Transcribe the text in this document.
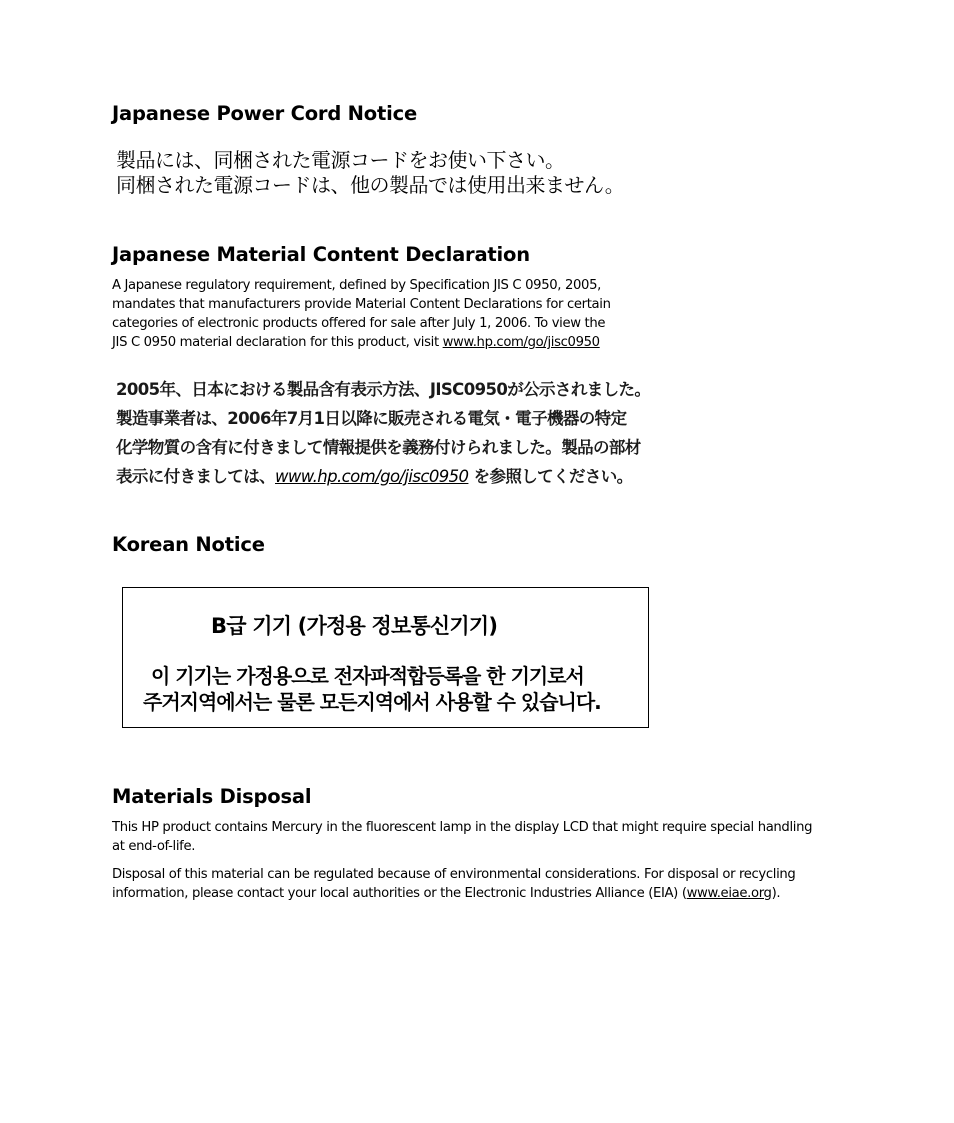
Japanese Power Cord Notice
製品には、同梱された電源コードをお使い下さい。
同梱された電源コードは、他の製品では使用出来ません。
Japanese Material Content Declaration
A Japanese regulatory requirement, defined by Specification JIS C 0950, 2005,
mandates that manufacturers provide Material Content Declarations for certain
categories of electronic products offered for sale after July 1, 2006. To view the
JIS C 0950 material declaration for this product, visit www.hp.com/go/jisc0950
2005年、日本における製品含有表示方法、JISC0950が公示されました。
製造事業者は、2006年7月1日以降に販売される電気・電子機器の特定
化学物質の含有に付きまして情報提供を義務付けられました。製品の部材
表示に付きましては、www.hp.com/go/jisc0950 を参照してください。
Korean Notice
B급 기기 (가정용 정보통신기기)
이 기기는 가정용으로 전자파적합등록을 한 기기로서
주거지역에서는 물론 모든지역에서 사용할 수 있습니다.
Materials Disposal
This HP product contains Mercury in the fluorescent lamp in the display LCD that might require special handling
at end-of-life.
Disposal of this material can be regulated because of environmental considerations. For disposal or recycling
information, please contact your local authorities or the Electronic Industries Alliance (EIA) (www.eiae.org).
